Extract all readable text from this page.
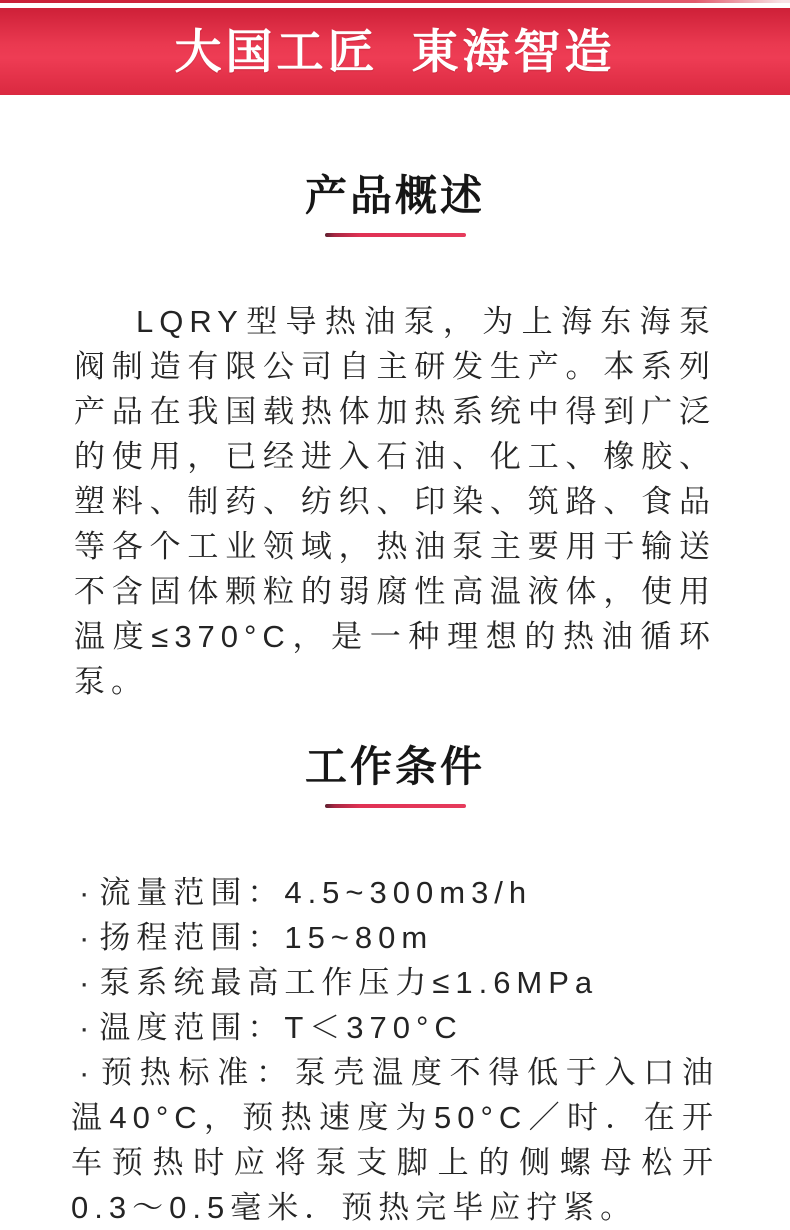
大国工匠 東海智造
产品概述

LQRY型导热油泵，为上海东海泵阀制造有限公司自主研发生产。本系列产品在我国载热体加热系统中得到广泛的使用，已经进入石油、化工、橡胶、塑料、制药、纺织、印染、筑路、食品等各个工业领域，热油泵主要用于输送不含固体颗粒的弱腐性高温液体，使用温度≤370°C，是一种理想的热油循环泵。

工作条件
· 流量范围：4.5~300m3/h
· 扬程范围：15~80m
· 泵系统最高工作压力≤1.6MPa
· 温度范围：T＜370°C
· 预热标准：泵壳温度不得低于入口油温40°C，预热速度为50°C／时．在开车预热时应将泵支脚上的侧螺母松开0.3～0.5毫米．预热完毕应拧紧。
